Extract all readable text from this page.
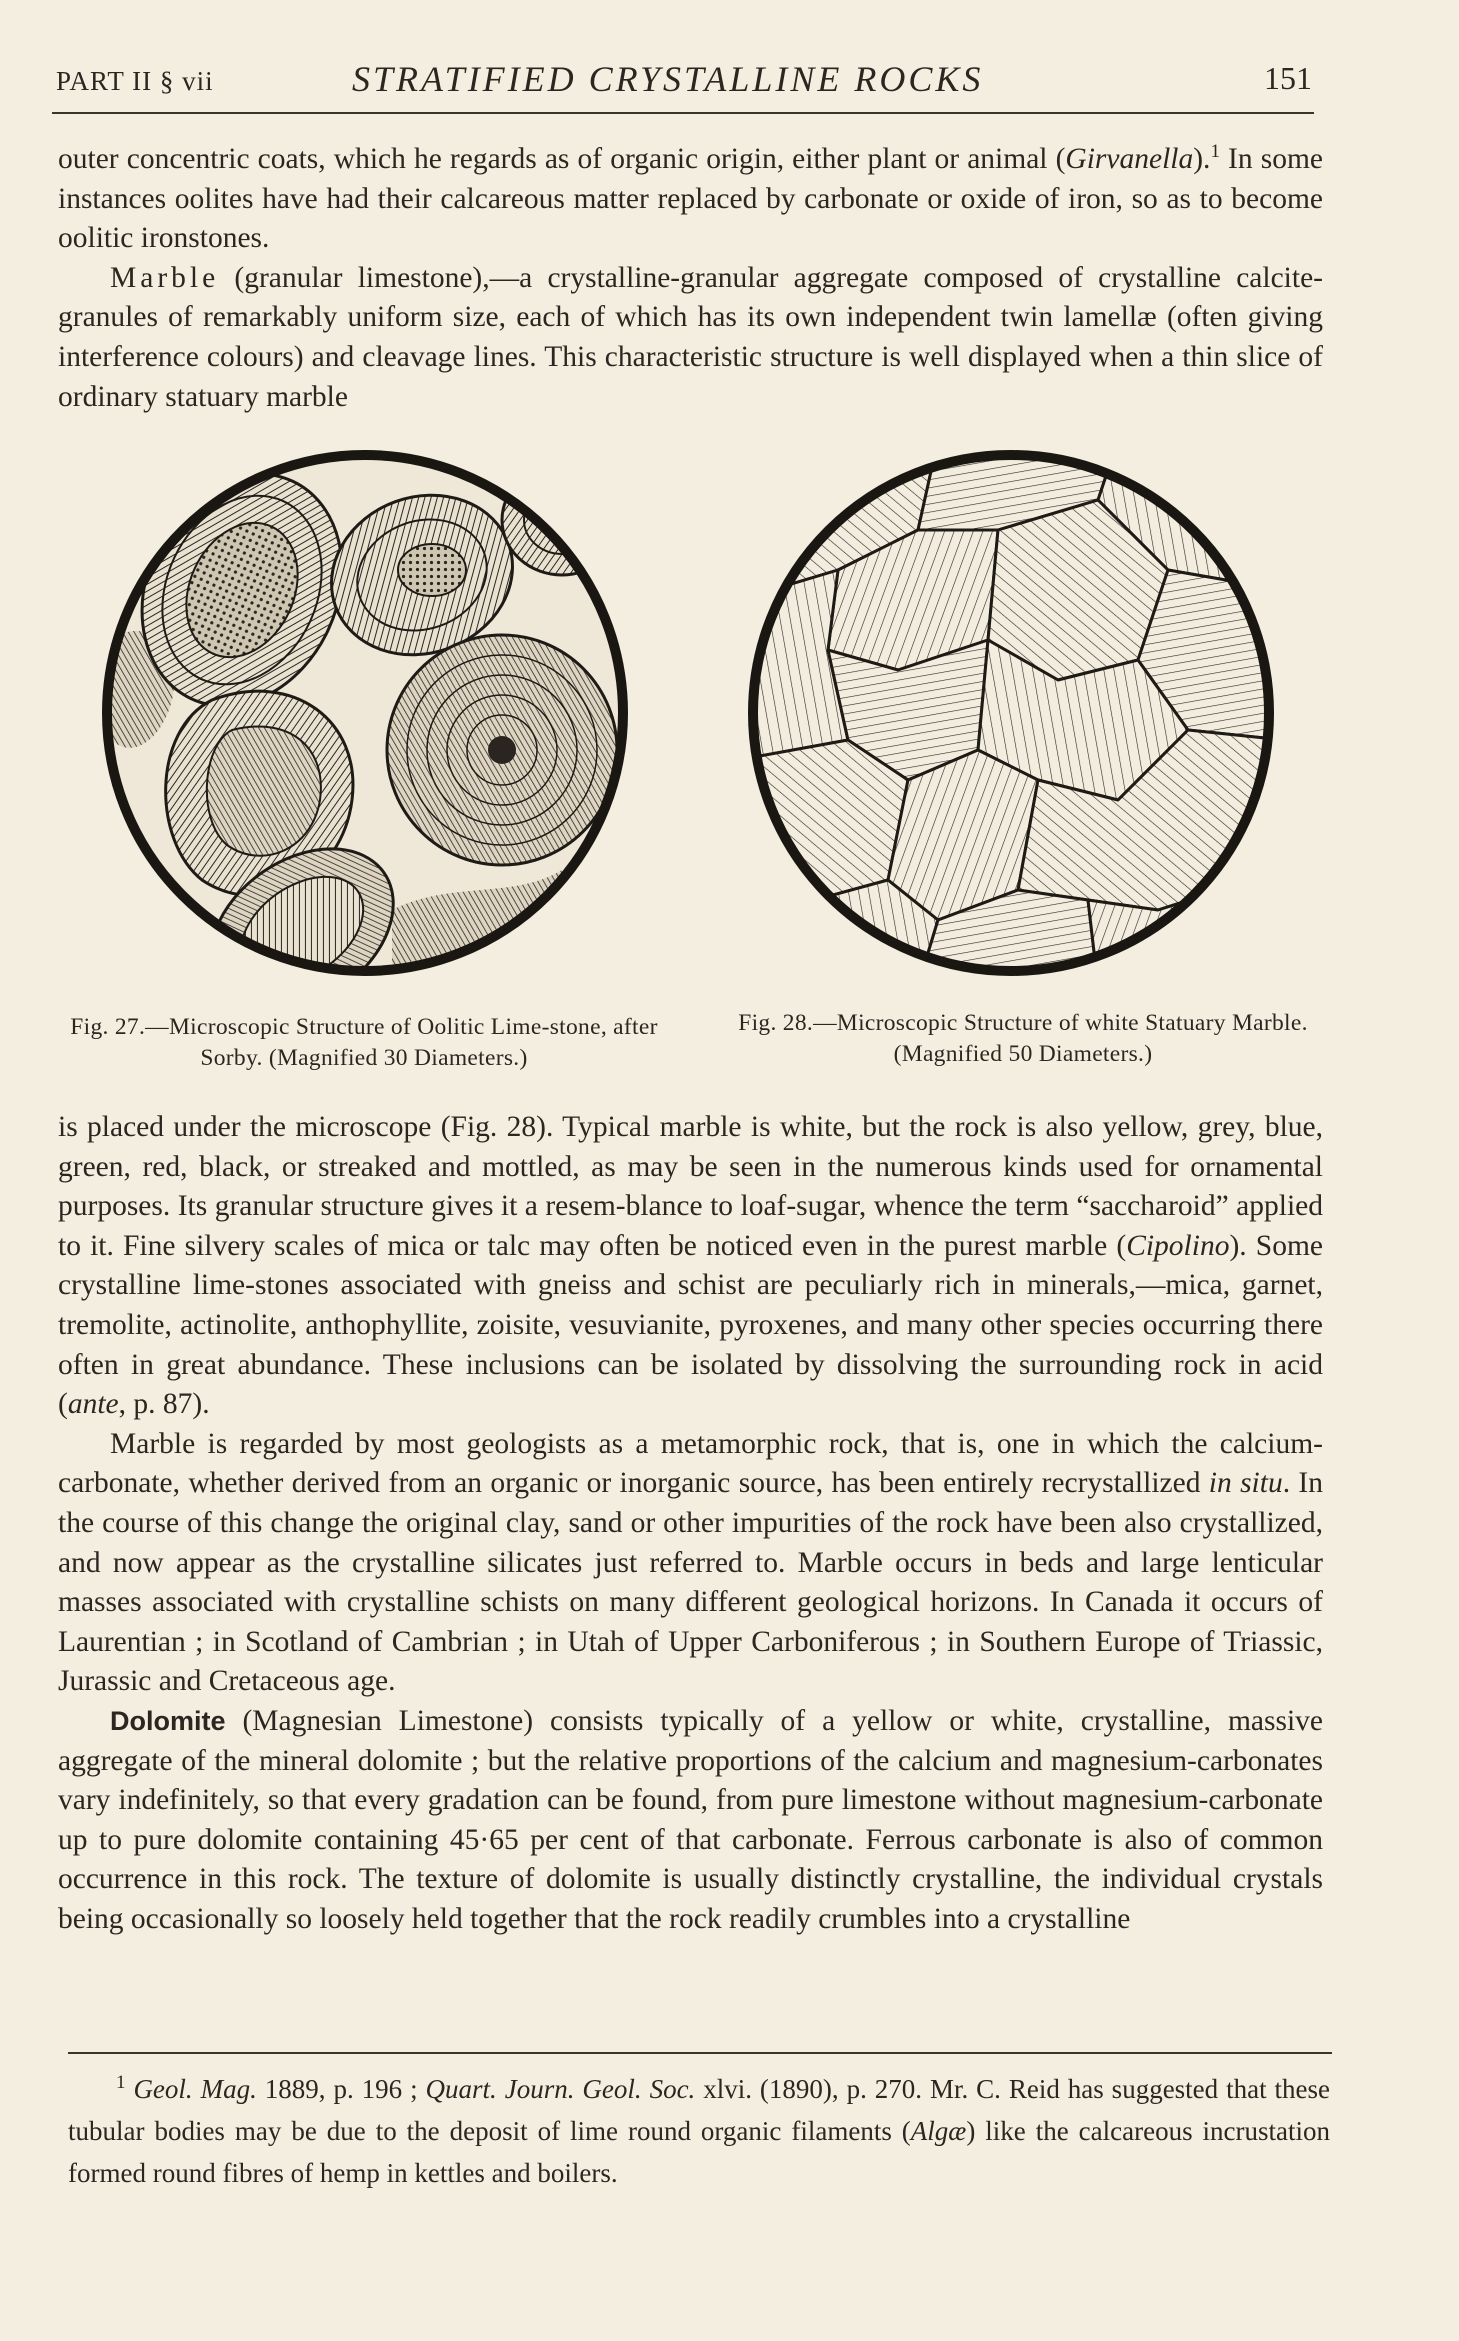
PART II § vii	STRATIFIED CRYSTALLINE ROCKS	151

outer concentric coats, which he regards as of organic origin, either plant or animal (Girvanella).$^1$ In some instances oolites have had their calcareous matter replaced by carbonate or oxide of iron, so as to become oolitic ironstones.

Marble (granular limestone),—a crystalline-granular aggregate composed of crystalline calcite-granules of remarkably uniform size, each of which has its own independent twin lamellæ (often giving interference colours) and cleavage lines. This characteristic structure is well displayed when a thin slice of ordinary statuary marble

Fig. 27.—Microscopic Structure of Oolitic Lime-stone, after Sorby. (Magnified 30 Diameters.)
Fig. 28.—Microscopic Structure of white Statuary Marble. (Magnified 50 Diameters.)

is placed under the microscope (Fig. 28). Typical marble is white, but the rock is also yellow, grey, blue, green, red, black, or streaked and mottled, as may be seen in the numerous kinds used for ornamental purposes. Its granular structure gives it a resem-blance to loaf-sugar, whence the term “saccharoid” applied to it. Fine silvery scales of mica or talc may often be noticed even in the purest marble (Cipolino). Some crystalline lime-stones associated with gneiss and schist are peculiarly rich in minerals,—mica, garnet, tremolite, actinolite, anthophyllite, zoisite, vesuvianite, pyroxenes, and many other species occurring there often in great abundance. These inclusions can be isolated by dissolving the surrounding rock in acid (ante, p. 87).

Marble is regarded by most geologists as a metamorphic rock, that is, one in which the calcium-carbonate, whether derived from an organic or inorganic source, has been entirely recrystallized in situ. In the course of this change the original clay, sand or other impurities of the rock have been also crystallized, and now appear as the crystalline silicates just referred to. Marble occurs in beds and large lenticular masses associated with crystalline schists on many different geological horizons. In Canada it occurs of Laurentian ; in Scotland of Cambrian ; in Utah of Upper Carboniferous ; in Southern Europe of Triassic, Jurassic and Cretaceous age.

Dolomite (Magnesian Limestone) consists typically of a yellow or white, crystalline, massive aggregate of the mineral dolomite ; but the relative proportions of the calcium and magnesium-carbonates vary indefinitely, so that every gradation can be found, from pure limestone without magnesium-carbonate up to pure dolomite containing 45·65 per cent of that carbonate. Ferrous carbonate is also of common occurrence in this rock. The texture of dolomite is usually distinctly crystalline, the individual crystals being occasionally so loosely held together that the rock readily crumbles into a crystalline

$^1$ Geol. Mag. 1889, p. 196 ; Quart. Journ. Geol. Soc. xlvi. (1890), p. 270. Mr. C. Reid has suggested that these tubular bodies may be due to the deposit of lime round organic filaments (Algæ) like the calcareous incrustation formed round fibres of hemp in kettles and boilers.
